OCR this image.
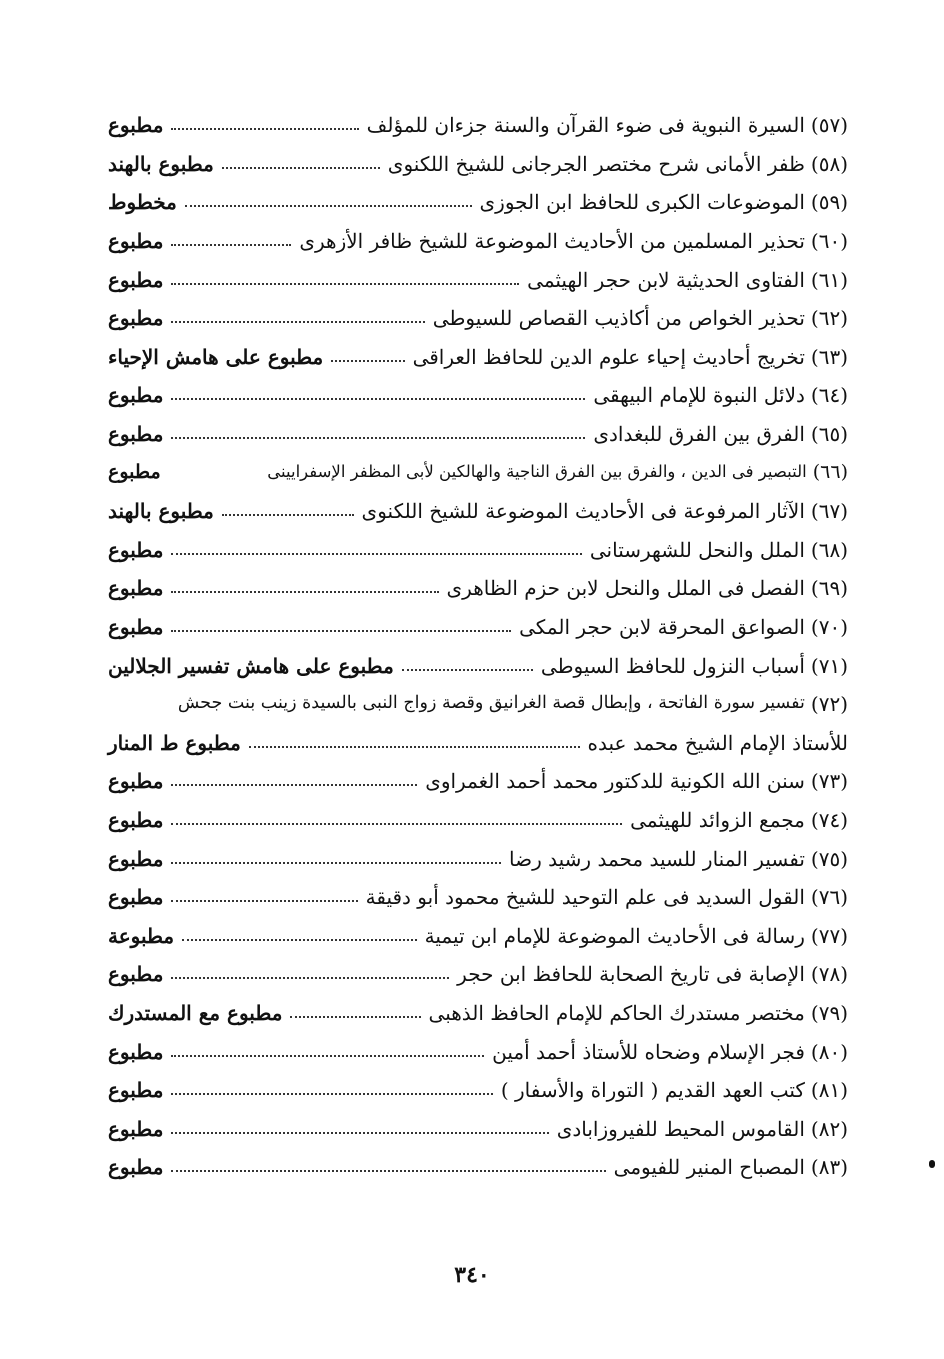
(٥٧)
السيرة النبوية فى ضوء القرآن والسنة جزءان للمؤلف
مطبوع
(٥٨)
ظفر الأمانى شرح مختصر الجرجانى للشيخ اللكنوى
مطبوع بالهند
(٥٩)
الموضوعات الكبرى للحافظ ابن الجوزى
مخطوط
(٦٠)
تحذير المسلمين من الأحاديث الموضوعة للشيخ ظافر الأزهرى
مطبوع
(٦١)
الفتاوى الحديثية لابن حجر الهيثمى
مطبوع
(٦٢)
تحذير الخواص من أكاذيب القصاص للسيوطى
مطبوع
(٦٣)
تخريج أحاديث إحياء علوم الدين للحافظ العراقى
مطبوع على هامش الإحياء
(٦٤)
دلائل النبوة للإمام البيهقى
مطبوع
(٦٥)
الفرق بين الفرق للبغدادى
مطبوع
(٦٦)
التبصير فى الدين ، والفرق بين الفرق الناجية والهالكين لأبى المظفر الإسفرايينى
مطبوع
(٦٧)
الآثار المرفوعة فى الأحاديث الموضوعة للشيخ اللكنوى
مطبوع بالهند
(٦٨)
الملل والنحل للشهرستانى
مطبوع
(٦٩)
الفصل فى الملل والنحل لابن حزم الظاهرى
مطبوع
(٧٠)
الصواعق المحرقة لابن حجر المكى
مطبوع
(٧١)
أسباب النزول للحافظ السيوطى
مطبوع على هامش تفسير الجلالين
(٧٢)
تفسير سورة الفاتحة ، وإبطال قصة الغرانيق وقصة زواج النبى بالسيدة زينب بنت جحش
للأستاذ الإمام الشيخ محمد عبده
مطبوع ط المنار
(٧٣)
سنن الله الكونية للدكتور محمد أحمد الغمراوى
مطبوع
(٧٤)
مجمع الزوائد للهيثمى
مطبوع
(٧٥)
تفسير المنار للسيد محمد رشيد رضا
مطبوع
(٧٦)
القول السديد فى علم التوحيد للشيخ محمود أبو دقيقة
مطبوع
(٧٧)
رسالة فى الأحاديث الموضوعة للإمام ابن تيمية
مطبوعة
(٧٨)
الإصابة فى تاريخ الصحابة للحافظ ابن حجر
مطبوع
(٧٩)
مختصر مستدرك الحاكم للإمام الحافظ الذهبى
مطبوع مع المستدرك
(٨٠)
فجر الإسلام وضحاه للأستاذ أحمد أمين
مطبوع
(٨١)
كتب العهد القديم ( التوراة والأسفار )
مطبوع
(٨٢)
القاموس المحيط للفيروزابادى
مطبوع
(٨٣)
المصباح المنير للفيومى
مطبوع
٣٤٠
